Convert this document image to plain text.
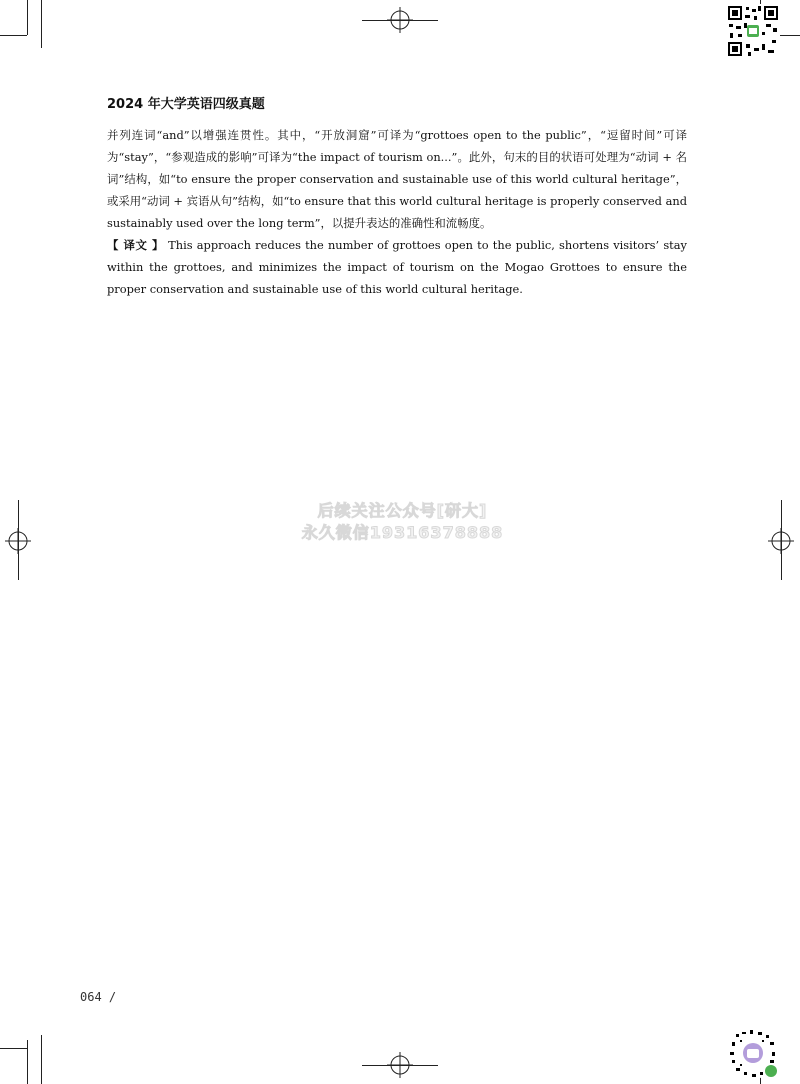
2024 年大学英语四级真题

并列连词“and”以增强连贯性。其中，“开放洞窟”可译为“grottoes open to the public”，“逗留时间”可译为“stay”，“参观造成的影响”可译为“the impact of tourism on...”。此外，句末的目的状语可处理为“动词 + 名词”结构，如“to ensure the proper conservation and sustainable use of this world cultural heritage”，或采用“动词 + 宾语从句”结构，如“to ensure that this world cultural heritage is properly conserved and sustainably used over the long term”，以提升表达的准确性和流畅度。

【 译文 】 This approach reduces the number of grottoes open to the public, shortens visitors’ stay within the grottoes, and minimizes the impact of tourism on the Mogao Grottoes to ensure the proper conservation and sustainable use of this world cultural heritage.

后续关注公众号[研大]
永久微信19316378888
064 /
